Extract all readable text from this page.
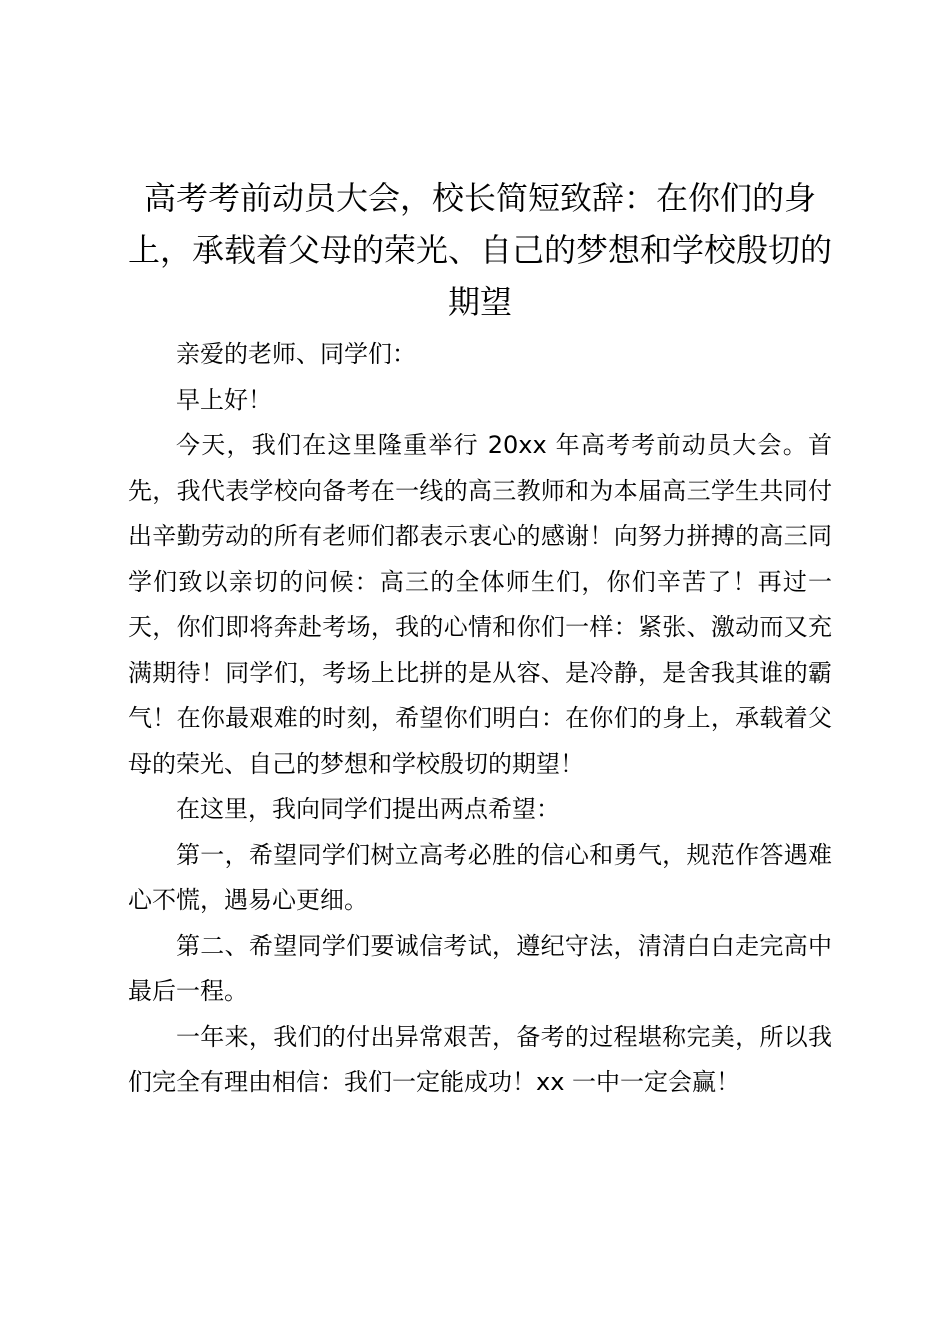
高考考前动员大会，校长简短致辞：在你们的身上，承载着父母的荣光、自己的梦想和学校殷切的期望

亲爱的老师、同学们：

早上好！

今天，我们在这里隆重举行 20xx 年高考考前动员大会。首先，我代表学校向备考在一线的高三教师和为本届高三学生共同付出辛勤劳动的所有老师们都表示衷心的感谢！向努力拼搏的高三同学们致以亲切的问候：高三的全体师生们，你们辛苦了！再过一天，你们即将奔赴考场，我的心情和你们一样：紧张、激动而又充满期待！同学们，考场上比拼的是从容、是冷静，是舍我其谁的霸气！在你最艰难的时刻，希望你们明白：在你们的身上，承载着父母的荣光、自己的梦想和学校殷切的期望！

在这里，我向同学们提出两点希望：

第一，希望同学们树立高考必胜的信心和勇气，规范作答遇难心不慌，遇易心更细。

第二、希望同学们要诚信考试，遵纪守法，清清白白走完高中最后一程。

一年来，我们的付出异常艰苦，备考的过程堪称完美，所以我们完全有理由相信：我们一定能成功！xx 一中一定会赢！
